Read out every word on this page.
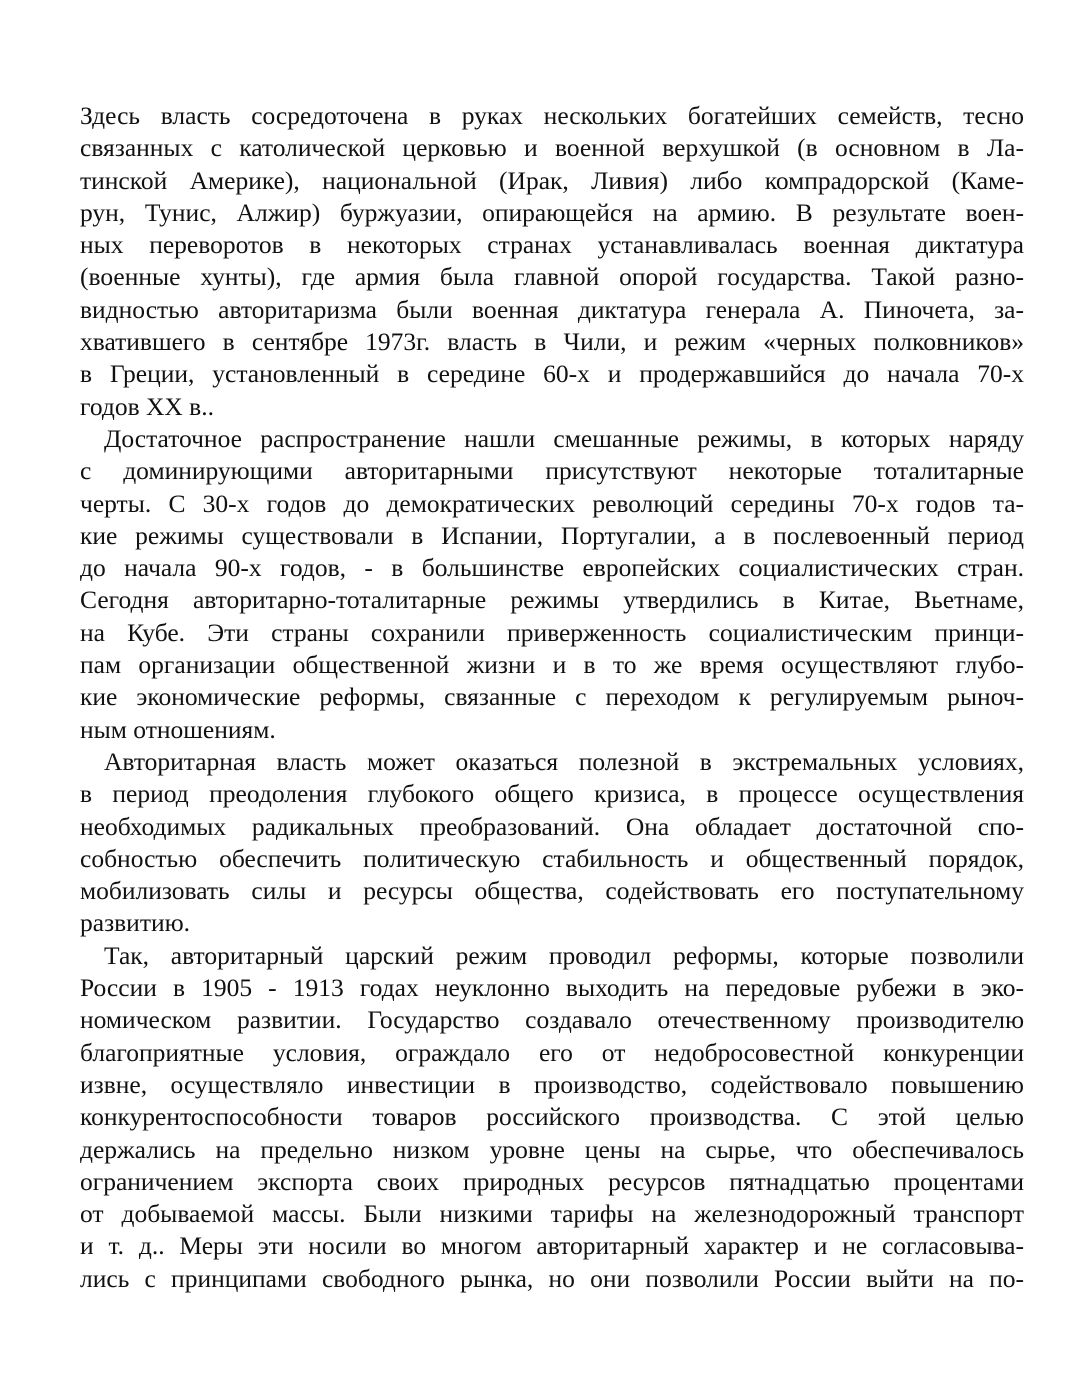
Здесь власть сосредоточена в руках нескольких богатейших семейств, тесно
связанных с католической церковью и военной верхушкой (в основном в Ла-
тинской Америке), национальной (Ирак, Ливия) либо компрадорской (Каме-
рун, Тунис, Алжир) буржуазии, опирающейся на армию. В результате воен-
ных переворотов в некоторых странах устанавливалась военная диктатура
(военные хунты), где армия была главной опорой государства. Такой разно-
видностью авторитаризма были военная диктатура генерала А. Пиночета, за-
хватившего в сентябре 1973г. власть в Чили, и режим «черных полковников»
в Греции, установленный в середине 60-х и продержавшийся до начала 70-х
годов XX в..
Достаточное распространение нашли смешанные режимы, в которых наряду
с доминирующими авторитарными присутствуют некоторые тоталитарные
черты. С 30-х годов до демократических революций середины 70-х годов та-
кие режимы существовали в Испании, Португалии, а в послевоенный период
до начала 90-х годов, - в большинстве европейских социалистических стран.
Сегодня авторитарно-тоталитарные режимы утвердились в Китае, Вьетнаме,
на Кубе. Эти страны сохранили приверженность социалистическим принци-
пам организации общественной жизни и в то же время осуществляют глубо-
кие экономические реформы, связанные с переходом к регулируемым рыноч-
ным отношениям.
Авторитарная власть может оказаться полезной в экстремальных условиях,
в период преодоления глубокого общего кризиса, в процессе осуществления
необходимых радикальных преобразований. Она обладает достаточной спо-
собностью обеспечить политическую стабильность и общественный порядок,
мобилизовать силы и ресурсы общества, содействовать его поступательному
развитию.
Так, авторитарный царский режим проводил реформы, которые позволили
России в 1905 - 1913 годах неуклонно выходить на передовые рубежи в эко-
номическом развитии. Государство создавало отечественному производителю
благоприятные условия, ограждало его от недобросовестной конкуренции
извне, осуществляло инвестиции в производство, содействовало повышению
конкурентоспособности товаров российского производства. С этой целью
держались на предельно низком уровне цены на сырье, что обеспечивалось
ограничением экспорта своих природных ресурсов пятнадцатью процентами
от добываемой массы. Были низкими тарифы на железнодорожный транспорт
и т. д.. Меры эти носили во многом авторитарный характер и не согласовыва-
лись с принципами свободного рынка, но они позволили России выйти на по-
